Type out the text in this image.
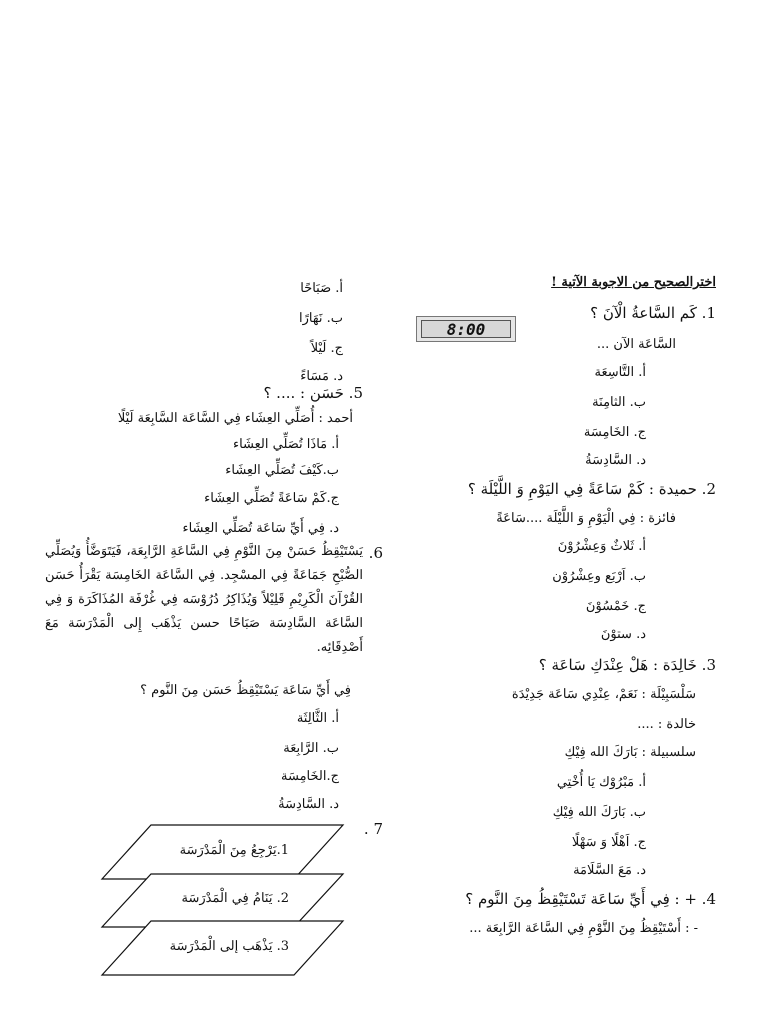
اخترالصحيح من الاجوبة الآتية !
1. كَم السَّاعةُ الْآنَ ؟
السَّاعَة الآن ...
أ. التَّاسِعَة
ب. الثامِنَة
ج. الخَامِسَة
د. السَّادِسَةُ
2. حميدة : كَمْ سَاعَةً فِي اليَوْمِ وَ اللَّيْلَة ؟
فائزة : فِي الْيَوْمِ وَ اللَّيْلَة ....سَاعَةً
أ. ثَلاثٌ وَعِشْرُوْنَ
ب. اَرْبَع وعِشْرُوْن
ج. خَمْسُوْنَ
د. ستوْنَ
3. خَالِدَة : هَلْ عِنْدَكِ سَاعَة ؟
سَلْسَبِيْلَة : نَعَمْ، عِنْدِي سَاعَة جَدِيْدَة
خالدة : ....
سلسبيلة : بَارَكَ الله فِيْكِ
أ. مَبْرُوْك يَا أُخْتِي
ب. بَارَكَ الله فِيْكِ
ج. اَهْلًا وَ سَهْلًا
د. مَعَ السَّلَامَة
4. + : فِي أَيِّ سَاعَة تَسْتَيْقِظُ مِنَ النَّوم ؟
- : أَسْتَيْقِظُ مِنَ النَّوْمِ فِي السَّاعَة الرَّابِعَة ...
8:00
أ. صَبَاحًا
ب. نَهَارًا
ج. لَيْلاً
د. مَسَاءً
5. حَسَن : .... ؟
أحمد : أُصَلِّي العِشَاء فِي السَّاعَة السَّابِعَة لَيْلًا
أ. مَاذَا تُصَلِّي العِشَاء
ب.كَيْفَ تُصَلِّي العِشَاء
ج.كَمْ سَاعَةً تُصَلِّي العِشَاء
د. فِي أَيِّ سَاعَة تُصَلِّي العِشَاء
6.
يَسْتَيْقِظُ حَسَنْ مِنَ النَّوْمِ فِي السَّاعَةِ الرَّابِعَة، فَيَتَوَضَّأُ وَيُصَلِّي الصُّبْحِ جَمَاعَةً فِي المسْجِد. فِي السَّاعَة الخَامِسَة يَقْرَأُ حَسَن القُرْآنَ الْكَرِيْمِ قَلِيْلاً وَيُذَاكِرُ دُرُوْسَه فِي غُرْفَة المُذَاكَرَة وَ فِي السَّاعَة السَّادِسَة صَبَاحًا حسن يَذْهَب إِلى الْمَدْرَسَة مَعَ أَصْدِقَائِه.
فِي أَيِّ سَاعَة يَسْتَيْقِظُ حَسَن مِنَ النَّوم ؟
أ. الثَّالِثَة
ب. الرَّابِعَة
ج.الخَامِسَة
د. السَّادِسَةُ
7 .
1.يَرْجِعُ مِنَ الْمَدْرَسَة
2. يَنَامُ فِي الْمَدْرَسَة
3. يَذْهَب إلى الْمَدْرَسَة
